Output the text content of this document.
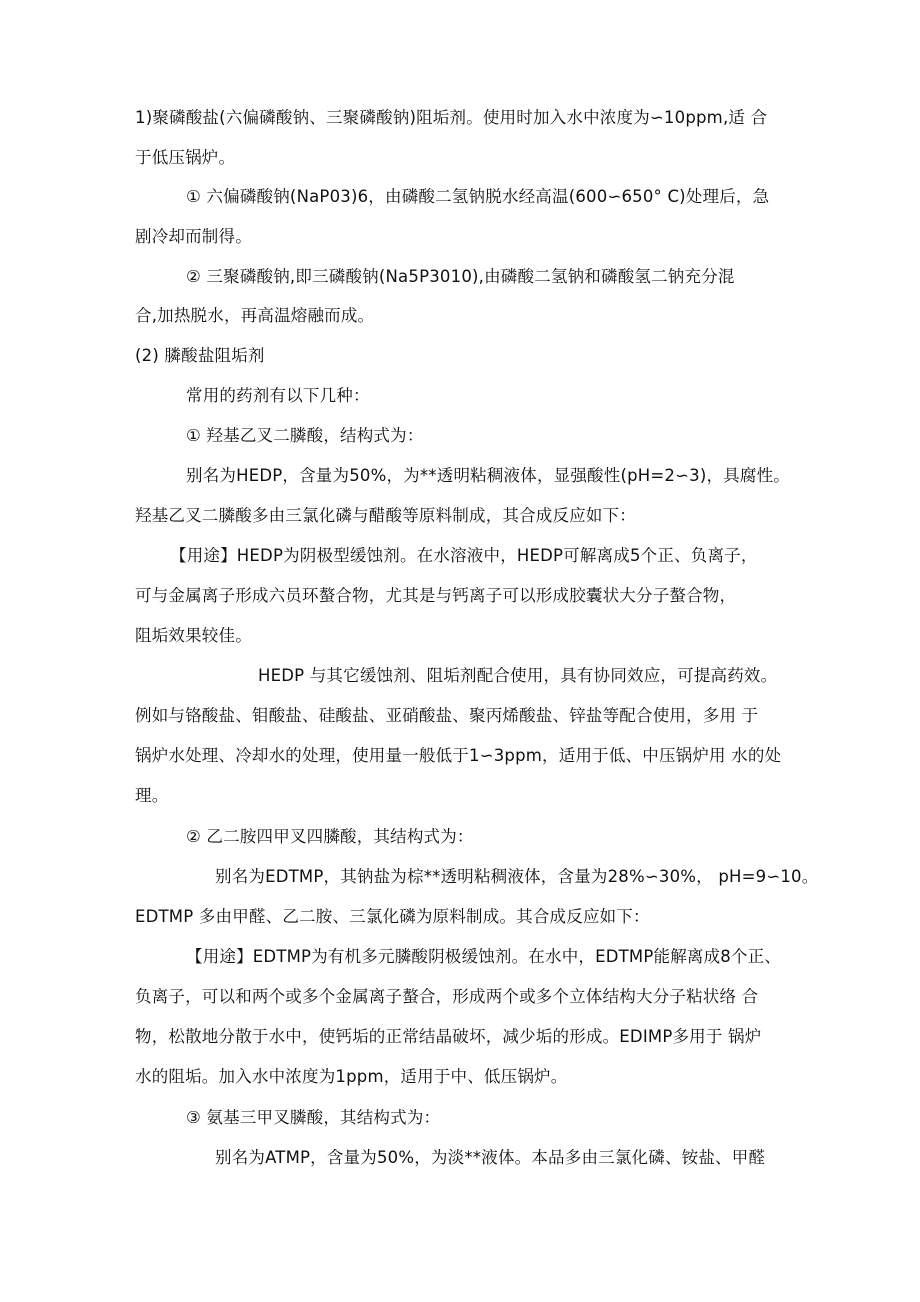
1)聚磷酸盐(六偏磷酸钠、三聚磷酸钠)阻垢剂。使用时加入水中浓度为∽10ppm,适 合
于低压锅炉。
① 六偏磷酸钠(NaP03)6，由磷酸二氢钠脱水经高温(600∽650° C)处理后，急
剧冷却而制得。
② 三聚磷酸钠,即三磷酸钠(Na5P3010),由磷酸二氢钠和磷酸氢二钠充分混
合,加热脱水，再高温熔融而成。
(2) 膦酸盐阻垢剂
常用的药剂有以下几种：
① 羟基乙叉二膦酸，结构式为：
别名为HEDP，含量为50%，为**透明粘稠液体，显强酸性(pH=2∽3)，具腐性。
羟基乙叉二膦酸多由三氯化磷与醋酸等原料制成，其合成反应如下：
【用途】HEDP为阴极型缓蚀剂。在水溶液中，HEDP可解离成5个正、负离子，
可与金属离子形成六员环螯合物，尤其是与钙离子可以形成胶囊状大分子螯合物，
阻垢效果较佳。
HEDP 与其它缓蚀剂、阻垢剂配合使用，具有协同效应，可提高药效。
例如与铬酸盐、钼酸盐、硅酸盐、亚硝酸盐、聚丙烯酸盐、锌盐等配合使用，多用 于
锅炉水处理、冷却水的处理，使用量一般低于1∽3ppm，适用于低、中压锅炉用 水的处
理。
② 乙二胺四甲叉四膦酸，其结构式为：
别名为EDTMP，其钠盐为棕**透明粘稠液体，含量为28%∽30%， pH=9∽10。
EDTMP 多由甲醛、乙二胺、三氯化磷为原料制成。其合成反应如下：
【用途】EDTMP为有机多元膦酸阴极缓蚀剂。在水中，EDTMP能解离成8个正、
负离子，可以和两个或多个金属离子螯合，形成两个或多个立体结构大分子粘状络 合
物，松散地分散于水中，使钙垢的正常结晶破坏，减少垢的形成。EDIMP多用于 锅炉
水的阻垢。加入水中浓度为1ppm，适用于中、低压锅炉。
③ 氨基三甲叉膦酸，其结构式为：
别名为ATMP，含量为50%，为淡**液体。本品多由三氯化磷、铵盐、甲醛
